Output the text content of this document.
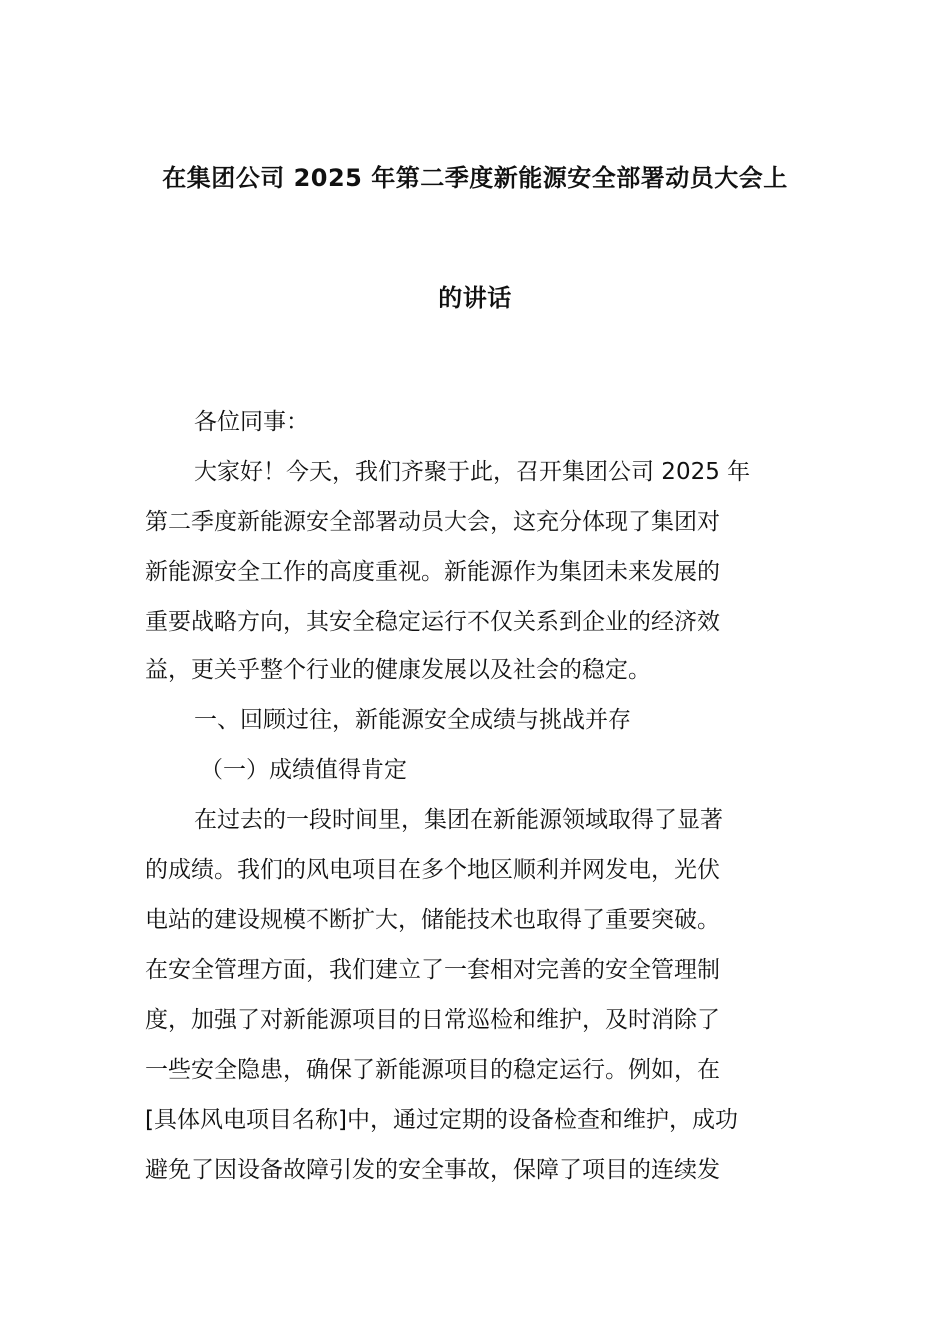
在集团公司 2025 年第二季度新能源安全部署动员大会上
的讲话
各位同事：
大家好！今天，我们齐聚于此，召开集团公司 2025 年
第二季度新能源安全部署动员大会，这充分体现了集团对
新能源安全工作的高度重视。新能源作为集团未来发展的
重要战略方向，其安全稳定运行不仅关系到企业的经济效
益，更关乎整个行业的健康发展以及社会的稳定。
一、回顾过往，新能源安全成绩与挑战并存
（一）成绩值得肯定
在过去的一段时间里，集团在新能源领域取得了显著
的成绩。我们的风电项目在多个地区顺利并网发电，光伏
电站的建设规模不断扩大，储能技术也取得了重要突破。
在安全管理方面，我们建立了一套相对完善的安全管理制
度，加强了对新能源项目的日常巡检和维护，及时消除了
一些安全隐患，确保了新能源项目的稳定运行。例如，在
[具体风电项目名称]中，通过定期的设备检查和维护，成功
避免了因设备故障引发的安全事故，保障了项目的连续发
